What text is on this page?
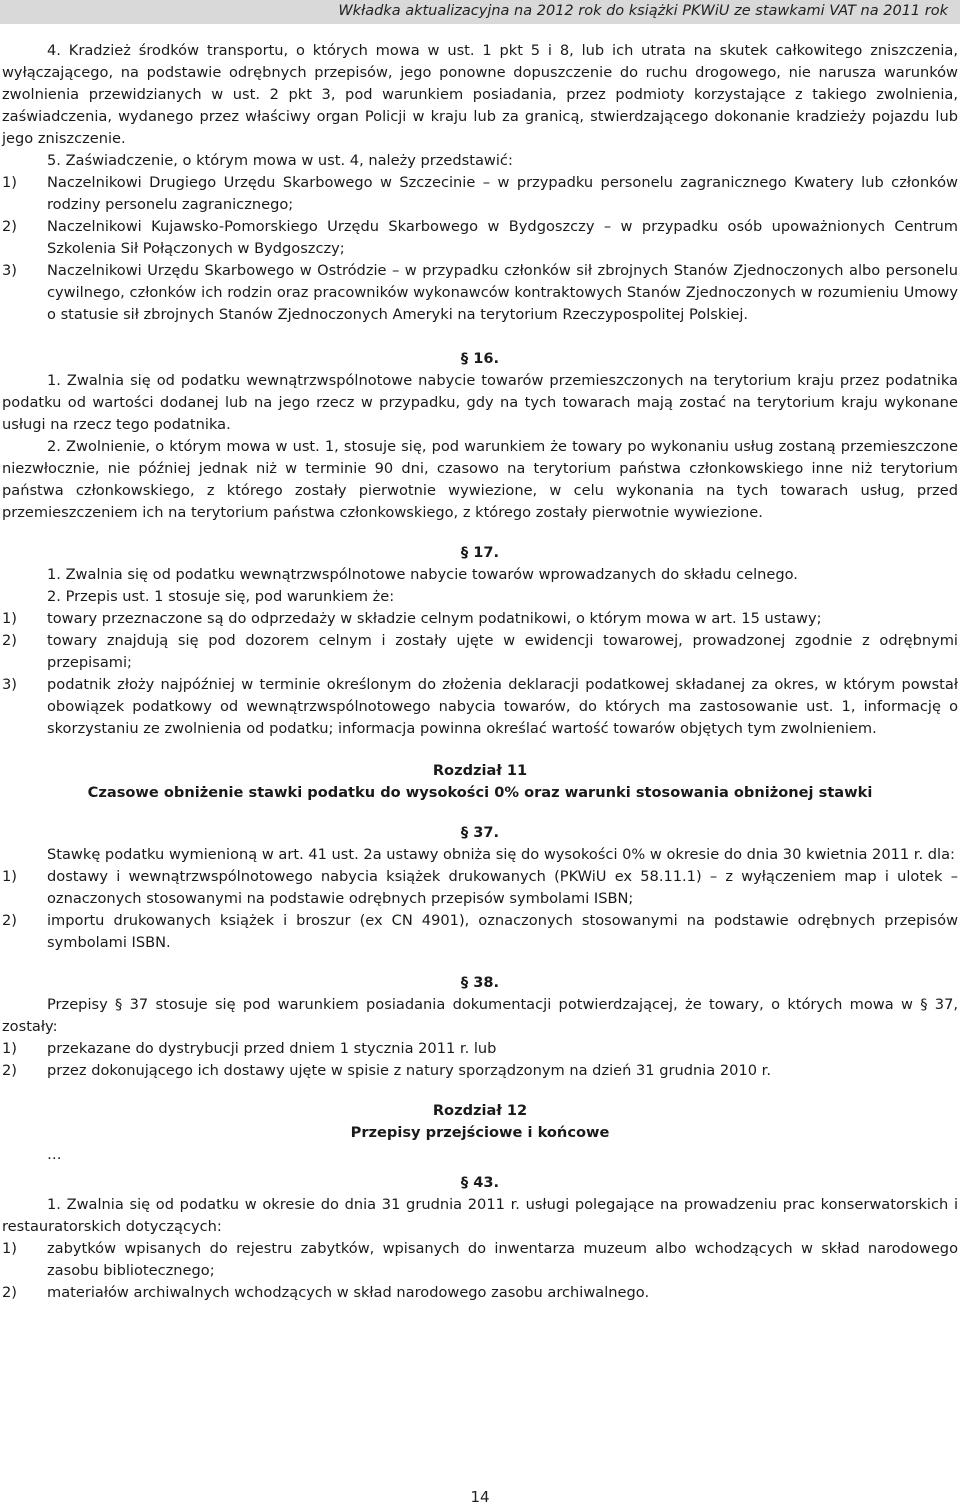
Wkładka aktualizacyjna na 2012 rok do książki PKWiU ze stawkami VAT na 2011 rok

4. Kradzież środków transportu, o których mowa w ust. 1 pkt 5 i 8, lub ich utrata na skutek całkowitego zniszczenia, wyłączającego, na podstawie odrębnych przepisów, jego ponowne dopuszczenie do ruchu drogowego, nie narusza warunków zwolnienia przewidzianych w ust. 2 pkt 3, pod warunkiem posiadania, przez podmioty korzystające z takiego zwolnienia, zaświadczenia, wydanego przez właściwy organ Policji w kraju lub za granicą, stwierdzającego dokonanie kradzieży pojazdu lub jego zniszczenie.

5. Zaświadczenie, o którym mowa w ust. 4, należy przedstawić:

1)	Naczelnikowi Drugiego Urzędu Skarbowego w Szczecinie – w przypadku personelu zagranicznego Kwatery lub członków rodziny personelu zagranicznego;
2)	Naczelnikowi Kujawsko-Pomorskiego Urzędu Skarbowego w Bydgoszczy – w przypadku osób upoważnionych Centrum Szkolenia Sił Połączonych w Bydgoszczy;
3)	Naczelnikowi Urzędu Skarbowego w Ostródzie – w przypadku członków sił zbrojnych Stanów Zjednoczonych albo personelu cywilnego, członków ich rodzin oraz pracowników wykonawców kontraktowych Stanów Zjednoczonych w rozumieniu Umowy o statusie sił zbrojnych Stanów Zjednoczonych Ameryki na terytorium Rzeczypospolitej Polskiej.

§ 16.

1. Zwalnia się od podatku wewnątrzwspólnotowe nabycie towarów przemieszczonych na terytorium kraju przez podatnika podatku od wartości dodanej lub na jego rzecz w przypadku, gdy na tych towarach mają zostać na terytorium kraju wykonane usługi na rzecz tego podatnika.

2. Zwolnienie, o którym mowa w ust. 1, stosuje się, pod warunkiem że towary po wykonaniu usług zostaną przemieszczone niezwłocznie, nie później jednak niż w terminie 90 dni, czasowo na terytorium państwa członkowskiego inne niż terytorium państwa członkowskiego, z którego zostały pierwotnie wywiezione, w celu wykonania na tych towarach usług, przed przemieszczeniem ich na terytorium państwa członkowskiego, z którego zostały pierwotnie wywiezione.

§ 17.

1. Zwalnia się od podatku wewnątrzwspólnotowe nabycie towarów wprowadzanych do składu celnego.

2. Przepis ust. 1 stosuje się, pod warunkiem że:

1)	towary przeznaczone są do odprzedaży w składzie celnym podatnikowi, o którym mowa w art. 15 ustawy;
2)	towary znajdują się pod dozorem celnym i zostały ujęte w ewidencji towarowej, prowadzonej zgodnie z odrębnymi przepisami;
3)	podatnik złoży najpóźniej w terminie określonym do złożenia deklaracji podatkowej składanej za okres, w którym powstał obowiązek podatkowy od wewnątrzwspólnotowego nabycia towarów, do których ma zastosowanie ust. 1, informację o skorzystaniu ze zwolnienia od podatku; informacja powinna określać wartość towarów objętych tym zwolnieniem.

Rozdział 11

Czasowe obniżenie stawki podatku do wysokości 0% oraz warunki stosowania obniżonej stawki

§ 37.

Stawkę podatku wymienioną w art. 41 ust. 2a ustawy obniża się do wysokości 0% w okresie do dnia 30 kwietnia 2011 r. dla:

1)	dostawy i wewnątrzwspólnotowego nabycia książek drukowanych (PKWiU ex 58.11.1) – z wyłączeniem map i ulotek – oznaczonych stosowanymi na podstawie odrębnych przepisów symbolami ISBN;
2)	importu drukowanych książek i broszur (ex CN 4901), oznaczonych stosowanymi na podstawie odrębnych przepisów symbolami ISBN.

§ 38.

Przepisy § 37 stosuje się pod warunkiem posiadania dokumentacji potwierdzającej, że towary, o których mowa w § 37, zostały:

1)	przekazane do dystrybucji przed dniem 1 stycznia 2011 r. lub
2)	przez dokonującego ich dostawy ujęte w spisie z natury sporządzonym na dzień 31 grudnia 2010 r.

Rozdział 12

Przepisy przejściowe i końcowe

…

§ 43.

1. Zwalnia się od podatku w okresie do dnia 31 grudnia 2011 r. usługi polegające na prowadzeniu prac konserwatorskich i restauratorskich dotyczących:

1)	zabytków wpisanych do rejestru zabytków, wpisanych do inwentarza muzeum albo wchodzących w skład narodowego zasobu bibliotecznego;
2)	materiałów archiwalnych wchodzących w skład narodowego zasobu archiwalnego.
14
